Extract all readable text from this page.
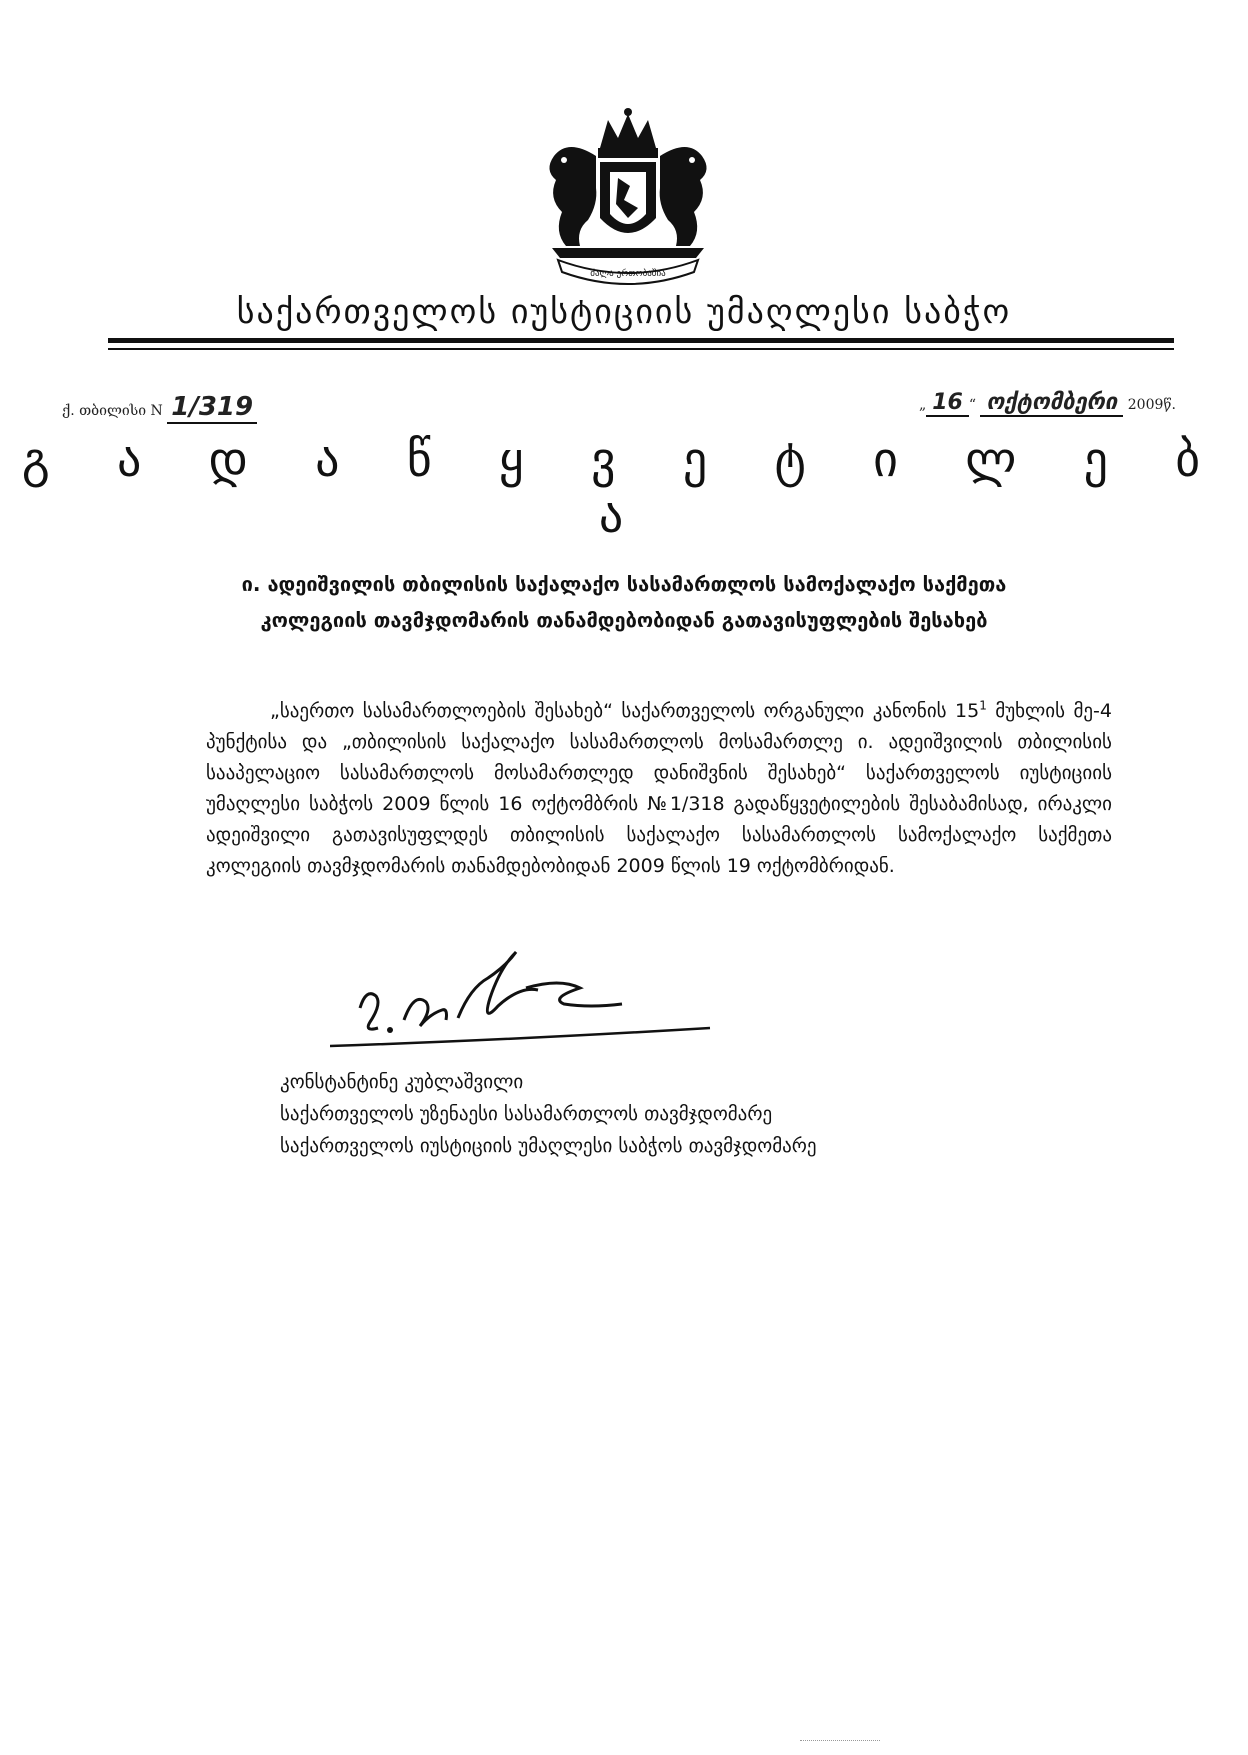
ძალა ერთობაშია
საქართველოს იუსტიციის უმაღლესი საბჭო
ქ. თბილისი N 1/319	„ 16 “ ოქტომბერი 2009წ.
გ ა დ ა წ ყ ვ ე ტ ი ლ ე ბ ა
ი. ადეიშვილის თბილისის საქალაქო სასამართლოს სამოქალაქო საქმეთა
კოლეგიის თავმჯდომარის თანამდებობიდან გათავისუფლების შესახებ
„საერთო სასამართლოების შესახებ“ საქართველოს ორგანული კანონის $15^1$ მუხლის მე-4 პუნქტისა და „თბილისის საქალაქო სასამართლოს მოსამართლე ი. ადეიშვილის თბილისის სააპელაციო სასამართლოს მოსამართლედ დანიშვნის შესახებ“ საქართველოს იუსტიციის უმაღლესი საბჭოს 2009 წლის 16 ოქტომბრის №1/318 გადაწყვეტილების შესაბამისად, ირაკლი ადეიშვილი გათავისუფლდეს თბილისის საქალაქო სასამართლოს სამოქალაქო საქმეთა კოლეგიის თავმჯდომარის თანამდებობიდან 2009 წლის 19 ოქტომბრიდან.
კონსტანტინე კუბლაშვილი
საქართველოს უზენაესი სასამართლოს თავმჯდომარე
საქართველოს იუსტიციის უმაღლესი საბჭოს თავმჯდომარე
